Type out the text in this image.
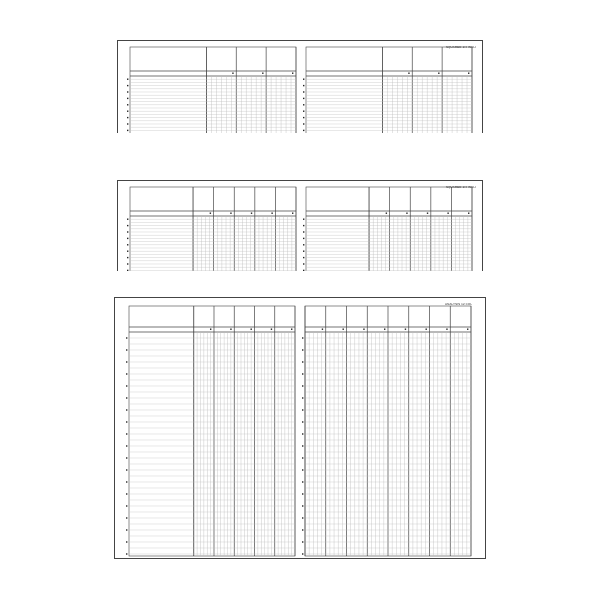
SQUARED 1/4 INCH
SQUARED 1/4 INCH
ANALYSIS 12 COL
